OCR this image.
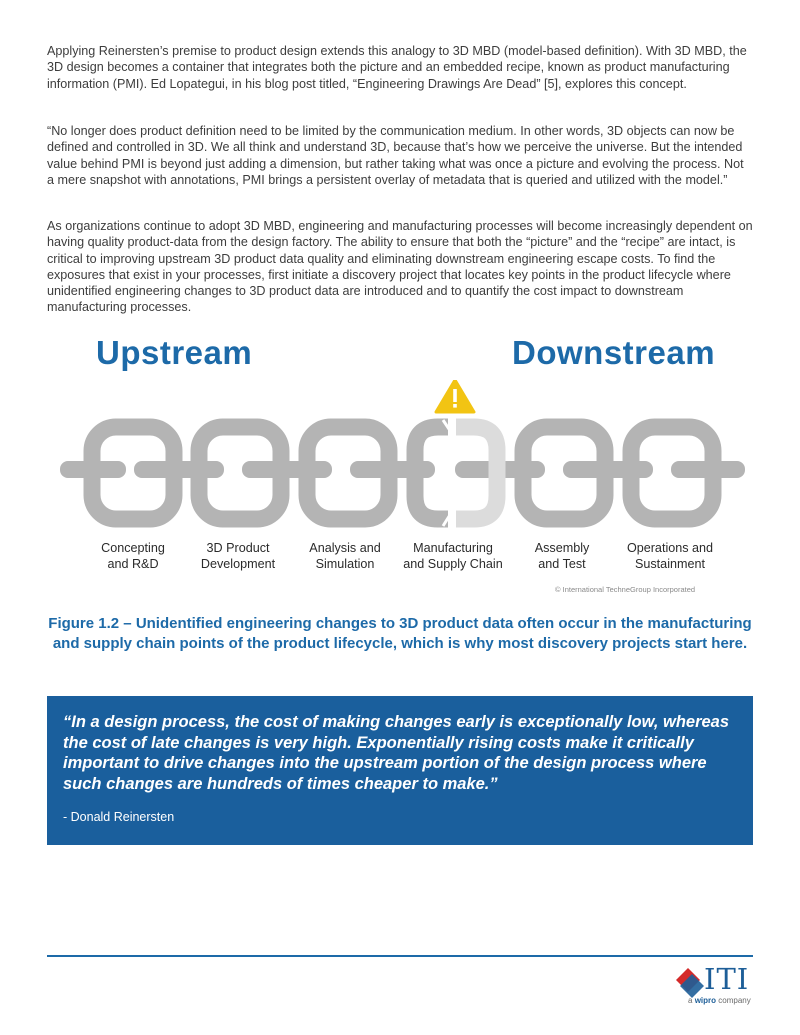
Applying Reinersten’s premise to product design extends this analogy to 3D MBD (model-based definition). With 3D MBD, the 3D design becomes a container that integrates both the picture and an embedded recipe, known as product manufacturing information (PMI). Ed Lopategui, in his blog post titled, “Engineering Drawings Are Dead” [5], explores this concept.

“No longer does product definition need to be limited by the communication medium. In other words, 3D objects can now be defined and controlled in 3D. We all think and understand 3D, because that’s how we perceive the universe. But the intended value behind PMI is beyond just adding a dimension, but rather taking what was once a picture and evolving the process. Not a mere snapshot with annotations, PMI brings a persistent overlay of metadata that is queried and utilized with the model.”

As organizations continue to adopt 3D MBD, engineering and manufacturing processes will become increasingly dependent on having quality product-data from the design factory. The ability to ensure that both the “picture” and the “recipe” are intact, is critical to improving upstream 3D product data quality and eliminating downstream engineering escape costs. To find the exposures that exist in your processes, first initiate a discovery project that locates key points in the product lifecycle where unidentified engineering changes to 3D product data are introduced and to quantify the cost impact to downstream manufacturing processes.

Upstream	Downstream
Concepting
and R&D
3D Product
Development
Analysis and
Simulation
Manufacturing
and Supply Chain
Assembly
and Test
Operations and
Sustainment
© International TechneGroup Incorporated

Figure 1.2 – Unidentified engineering changes to 3D product data often occur in the manufacturing and supply chain points of the product lifecycle, which is why most discovery projects start here.

“In a design process, the cost of making changes early is exceptionally low, whereas the cost of late changes is very high. Exponentially rising costs make it critically important to drive changes into the upstream portion of the design process where such changes are hundreds of times cheaper to make.”

- Donald Reinersten

ITI
a wipro company
